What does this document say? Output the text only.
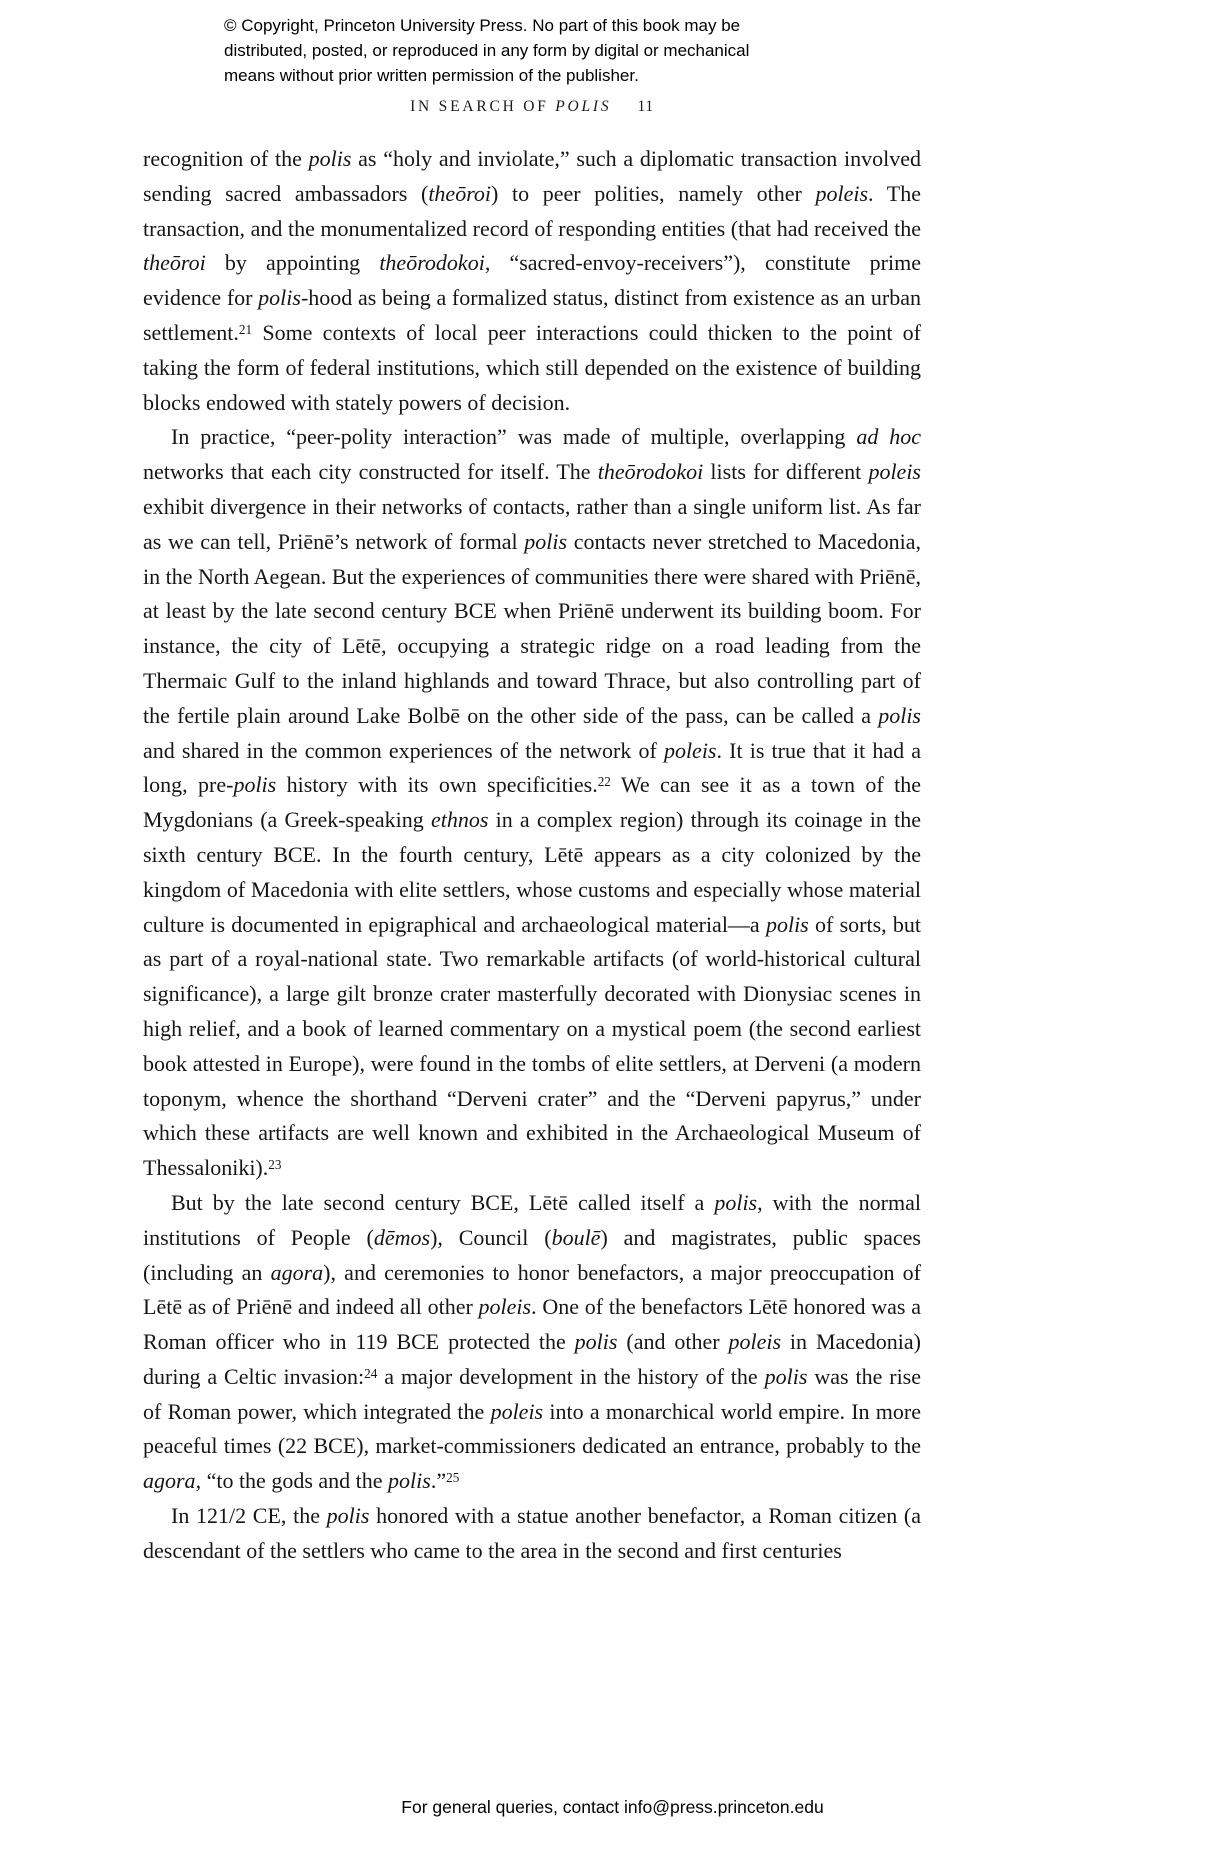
© Copyright, Princeton University Press. No part of this book may be
distributed, posted, or reproduced in any form by digital or mechanical
means without prior written permission of the publisher.
IN SEARCH OF POLIS 11

recognition of the polis as “holy and inviolate,” such a diplomatic transaction involved sending sacred ambassadors (theōroi) to peer polities, namely other poleis. The transaction, and the monumentalized record of responding entities (that had received the theōroi by appointing theōrodokoi, “sacred-envoy-receivers”), constitute prime evidence for polis-hood as being a formalized status, distinct from existence as an urban settlement.$^{21}$ Some contexts of local peer interactions could thicken to the point of taking the form of federal institutions, which still depended on the existence of building blocks endowed with stately powers of decision.

In practice, “peer-polity interaction” was made of multiple, overlapping ad hoc networks that each city constructed for itself. The theōrodokoi lists for different poleis exhibit divergence in their networks of contacts, rather than a single uniform list. As far as we can tell, Priēnē’s network of formal polis contacts never stretched to Macedonia, in the North Aegean. But the experiences of communities there were shared with Priēnē, at least by the late second century BCE when Priēnē underwent its building boom. For instance, the city of Lētē, occupying a strategic ridge on a road leading from the Thermaic Gulf to the inland highlands and toward Thrace, but also controlling part of the fertile plain around Lake Bolbē on the other side of the pass, can be called a polis and shared in the common experiences of the network of poleis. It is true that it had a long, pre-polis history with its own specificities.$^{22}$ We can see it as a town of the Mygdonians (a Greek-speaking ethnos in a complex region) through its coinage in the sixth century BCE. In the fourth century, Lētē appears as a city colonized by the kingdom of Macedonia with elite settlers, whose customs and especially whose material culture is documented in epigraphical and archaeological material—a polis of sorts, but as part of a royal-national state. Two remarkable artifacts (of world-historical cultural significance), a large gilt bronze crater masterfully decorated with Dionysiac scenes in high relief, and a book of learned commentary on a mystical poem (the second earliest book attested in Europe), were found in the tombs of elite settlers, at Derveni (a modern toponym, whence the shorthand “Derveni crater” and the “Derveni papyrus,” under which these artifacts are well known and exhibited in the Archaeological Museum of Thessaloniki).$^{23}$

But by the late second century BCE, Lētē called itself a polis, with the normal institutions of People (dēmos), Council (boulē) and magistrates, public spaces (including an agora), and ceremonies to honor benefactors, a major preoccupation of Lētē as of Priēnē and indeed all other poleis. One of the benefactors Lētē honored was a Roman officer who in 119 BCE protected the polis (and other poleis in Macedonia) during a Celtic invasion:$^{24}$ a major development in the history of the polis was the rise of Roman power, which integrated the poleis into a monarchical world empire. In more peaceful times (22 BCE), market-commissioners dedicated an entrance, probably to the agora, “to the gods and the polis.”$^{25}$

In 121/2 CE, the polis honored with a statue another benefactor, a Roman citizen (a descendant of the settlers who came to the area in the second and first centuries

For general queries, contact info@press.princeton.edu
